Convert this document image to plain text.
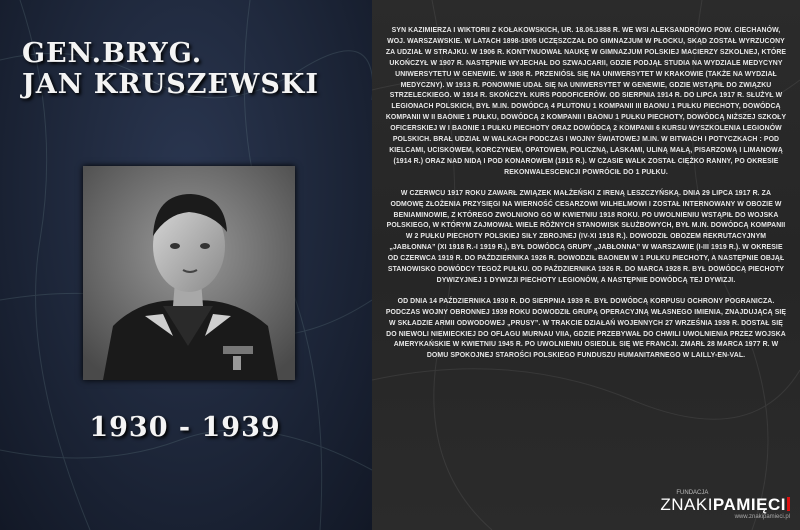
GEN.BRYG.
JAN KRUSZEWSKI
1930 - 1939

SYN KAZIMIERZA I WIKTORII Z KOŁAKOWSKICH, UR. 18.06.1888 R. WE WSI ALEKSANDROWO POW. CIECHANÓW, WOJ. WARSZAWSKIE. W LATACH 1898-1905 UCZĘSZCZAŁ DO GIMNAZJUM W PŁOCKU, SKĄD ZOSTAŁ WYRZUCONY ZA UDZIAŁ W STRAJKU. W 1906 R. KONTYNUOWAŁ NAUKĘ W GIMNAZJUM POLSKIEJ MACIERZY SZKOLNEJ, KTÓRE UKOŃCZYŁ W 1907 R. NASTĘPNIE WYJECHAŁ DO SZWAJCARII, GDZIE PODJĄŁ STUDIA NA WYDZIALE MEDYCYNY UNIWERSYTETU W GENEWIE. W 1908 R. PRZENIÓSŁ SIĘ NA UNIWERSYTET W KRAKOWIE (TAKŻE NA WYDZIAŁ MEDYCZNY). W 1913 R. PONOWNIE UDAŁ SIĘ NA UNIWERSYTET W GENEWIE, GDZIE WSTĄPIŁ DO ZWIĄZKU STRZELECKIEGO. W 1914 R. SKOŃCZYŁ KURS PODOFICERÓW. OD SIERPNIA 1914 R. DO LIPCA 1917 R. SŁUŻYŁ W LEGIONACH POLSKICH, BYŁ M.IN. DOWÓDCĄ 4 PLUTONU 1 KOMPANII III BAONU 1 PUŁKU PIECHOTY, DOWÓDCĄ KOMPANII W II BAONIE 1 PUŁKU, DOWÓDCĄ 2 KOMPANII I BAONU 1 PUŁKU PIECHOTY, DOWÓDCĄ NIŻSZEJ SZKOŁY OFICERSKIEJ W I BAONIE 1 PUŁKU PIECHOTY ORAZ DOWÓDCĄ 2 KOMPANII 6 KURSU WYSZKOLENIA LEGIONÓW POLSKICH. BRAŁ UDZIAŁ W WALKACH PODCZAS I WOJNY ŚWIATOWEJ M.IN. W BITWACH I POTYCZKACH : POD KIELCAMI, UCISKOWEM, KORCZYNEM, OPATOWEM, POLICZNĄ, LASKAMI, ULINĄ MAŁĄ, PISARZOWĄ I LIMANOWĄ (1914 R.) ORAZ NAD NIDĄ I POD KONAROWEM (1915 R.). W CZASIE WALK ZOSTAŁ CIĘŻKO RANNY, PO OKRESIE REKONWALESCENCJI POWRÓCIŁ DO 1 PUŁKU.

W CZERWCU 1917 ROKU ZAWARŁ ZWIĄZEK MAŁŻEŃSKI Z IRENĄ LESZCZYŃSKĄ. DNIA 29 LIPCA 1917 R. ZA ODMOWĘ ZŁOŻENIA PRZYSIĘGI NA WIERNOŚĆ CESARZOWI WILHELMOWI I ZOSTAŁ INTERNOWANY W OBOZIE W BENIAMINOWIE, Z KTÓREGO ZWOLNIONO GO W KWIETNIU 1918 ROKU. PO UWOLNIENIU WSTĄPIŁ DO WOJSKA POLSKIEGO, W KTÓRYM ZAJMOWAŁ WIELE RÓŻNYCH STANOWISK SŁUŻBOWYCH, BYŁ M.IN. DOWÓDCĄ KOMPANII W 2 PUŁKU PIECHOTY POLSKIEJ SIŁY ZBROJNEJ (IV-XI 1918 R.). DOWODZIŁ OBOZEM REKRUTACYJNYM „JABŁONNA” (XI 1918 R.-I 1919 R.), BYŁ DOWÓDCĄ GRUPY „JABŁONNA” W WARSZAWIE (I-III 1919 R.). W OKRESIE OD CZERWCA 1919 R. DO PAŹDZIERNIKA 1926 R. DOWODZIŁ BAONEM W 1 PUŁKU PIECHOTY, A NASTĘPNIE OBJĄŁ STANOWISKO DOWÓDCY TEGOŻ PUŁKU. OD PAŹDZIERNIKA 1926 R. DO MARCA 1928 R. BYŁ DOWÓDCĄ PIECHOTY DYWIZYJNEJ 1 DYWIZJI PIECHOTY LEGIONÓW, A NASTĘPNIE DOWÓDCĄ TEJ DYWIZJI.

OD DNIA 14 PAŹDZIERNIKA 1930 R. DO SIERPNIA 1939 R. BYŁ DOWÓDCĄ KORPUSU OCHRONY POGRANICZA. PODCZAS WOJNY OBRONNEJ 1939 ROKU DOWODZIŁ GRUPĄ OPERACYJNĄ WŁASNEGO IMIENIA, ZNAJDUJĄCĄ SIĘ W SKŁADZIE ARMII ODWODOWEJ „PRUSY”. W TRAKCIE DZIAŁAŃ WOJENNYCH 27 WRZEŚNIA 1939 R. DOSTAŁ SIĘ DO NIEWOLI NIEMIECKIEJ DO OFLAGU MURNAU VIIA, GDZIE PRZEBYWAŁ DO CHWILI UWOLNIENIA PRZEZ WOJSKA AMERYKAŃSKIE W KWIETNIU 1945 R. PO UWOLNIENIU OSIEDLIŁ SIĘ WE FRANCJI. ZMARŁ 28 MARCA 1977 R. W DOMU SPOKOJNEJ STAROŚCI POLSKIEGO FUNDUSZU HUMANITARNEGO W LAILLY-EN-VAL.

FUNDACJA
ZNAKIPAMIĘCI
www.znakipamieci.pl
